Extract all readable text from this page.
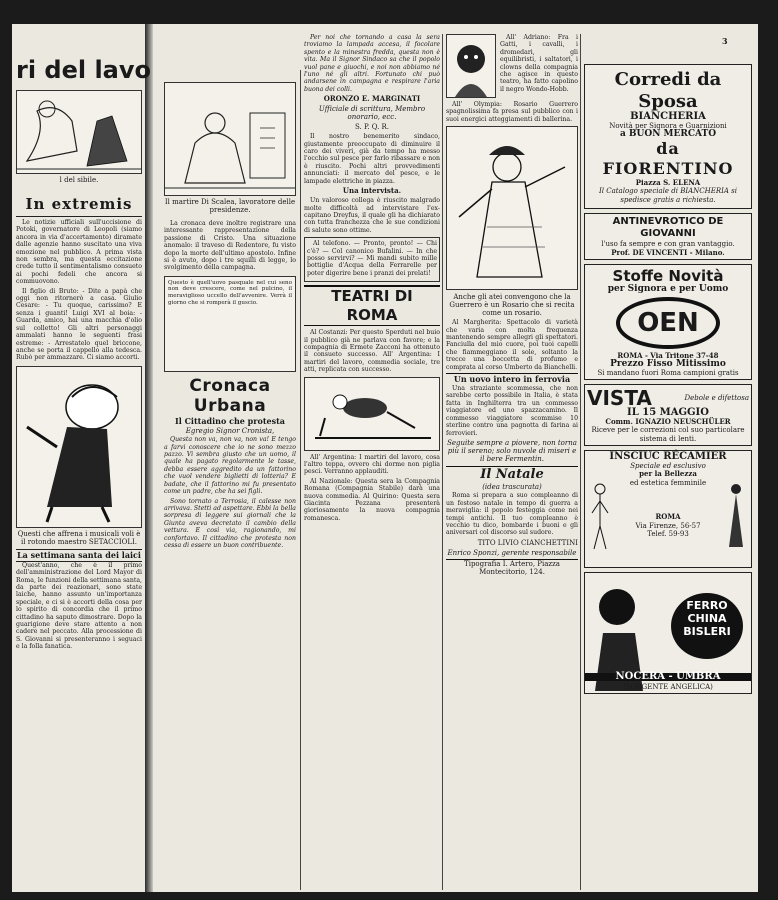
3
ri del lavo
l del sibile.
In extremis

Le notizie ufficiali sull'uccisione di Potoki, governatore di Leopoli (siamo ancora in via d'accertamento) diramate dalle agenzie hanno suscitato una viva emozione nel pubblico. A prima vista non sembra, ma questa eccitazione crede tutto il sentimentalismo consueto ai pochi fedeli che ancora si commuovono.

Il figlio di Bruto: - Dite a papà che oggi non ritornerò a casa. Giulio Cesare: - Tu quoque, carissimo? E senza i guanti! Luigi XVI al boia: - Guarda, amico, hai una macchia d'olio sul colletto! Gli altri personaggi ammalati hanno le seguenti frasi estreme: - Arrestatelo quel briccone, anche se porta il cappello alla tedesca. Rubò per ammazzare. Ci siamo accorti.

Questi che affrena i musicali voli è il rotondo maestro SETACCIOLI.
La settimana santa dei laici

Quest'anno, che è il primo dell'amministrazione del Lord Mayor di Roma, le funzioni della settimana santa, da parte dei reazionari, sono state laiche, hanno assunto un'importanza speciale, e ci si è accorti della cosa per lo spirito di concordia che il primo cittadino ha saputo dimostrare. Dopo la guarigione deve stare attento a non cadere nel peccato. Alla processione di S. Giovanni si presenteranno i seguaci e la folla fanatica.

Il martire Di Scalea, lavoratore delle presidenze.

La cronaca deve inoltre registrare una interessante rappresentazione della passione di Cristo. Una situazione anomalo: il traveso di Redentore, fu visto dopo la morte dell'ultimo apostolo. Infine si è avuto, dopo i tre squilli di legge, lo svolgimento della campagna.

Questo è quell'uovo pasquale nel cui seno non deve crescere, come nel pulcino, il meraviglioso uccello dell'avvenire. Verrà il giorno che si romperà il guscio.
Cronaca Urbana
Il Cittadino che protesta
Egregio Signor Cronista,

Questa non va, non va, non va! E tengo a farvi conoscere che io ne sono mezzo pazzo. Vi sembra giusto che un uomo, il quale ha pagato regolarmente le tasse, debba essere aggredito da un fattorino che vuol vendere biglietti di lotteria? E badate, che il fattorino mi fu presentato come un padre, che ha sei figli.

Sono tornato a Terrosia, il calesse non arrivava. Stetti ad aspettare. Ebbi la bella sorpresa di leggere sui giornali che la Giunta aveva decretato il cambio della vettura. E così via, ragionando, mi confortavo. Il cittadino che protesta non cessa di essere un buon contribuente.

Per noi che tornando a casa la sera troviamo la lampada accesa, il focolare spento e la minestra fredda, questa non è vita. Ma il Signor Sindaco sa che il popolo vuol pane e giuochi, e noi non abbiamo né l'uno né gli altri. Fortunato chi può andarsene in campagna e respirare l'aria buona dei colli.

ORONZO E. MARGINATI
Ufficiale di scrittura, Membro onorario, ecc.
S. P. Q. R.

Il nostro benemerito sindaco, giustamente preoccupato di diminuire il caro dei viveri, già da tempo ha messo l'occhio sul pesce per farlo ribassare e non è riuscito. Pochi altri provvedimenti annunciati: il mercato del pesce, e le lampade elettriche in piazza.

Una intervista.

Un valoroso collega è riuscito malgrado molte difficoltà ad intervistare l'ex-capitano Dreyfus, il quale gli ha dichiarato con tutta franchezza che le sue condizioni di salute sono ottime.

Al telefono. — Pronto, pronto! — Chi c'è? — Col canonico Bufalini. — In che posso servirvi? — Mi mandi subito mille bottiglie d'Acqua della Ferrarelle per poter digerire bene i pranzi dei prelati!

TEATRI DI ROMA

Al Costanzi: Per questo Sperduti nel buio il pubblico già ne parlava con favore; e la compagnia di Ermete Zacconi ha ottenuto il consueto successo. All' Argentina: I martiri del lavoro, commedia sociale, tre atti, replicata con successo.

All' Argentina: I martiri del lavoro, cosa l'altro teppa, ovvero chi dorme non piglia pesci. Verranno applauditi.

Al Nazionale: Questa sera la Compagnia Romana (Compagnia Stabile) darà una nuova commedia. Al Quirino: Questa sera Giacinta Pezzana presenterà gioriosamente la nuova compagnia romanesca.

All' Adriano: Fra i Gatti, i cavalli, i dromedari, gli equilibristi, i saltatori, i clowns della compagnia che agisce in questo teatro, ha fatto capolino il negro Wondo-Hobb.

All' Olympia: Rosario Guerrero spagnolissima fa presa sul pubblico con i suoi energici atteggiamenti di ballerina.

Anche gli atei convengono che la Guerrero è un Rosario che si recita come un rosario.

Al Margherita: Spettacolo di varietà che varia con molta frequenza mantenendo sempre allegri gli spettatori. Fanciulla del mio cuore, poi tuoi capelli che fiammeggiano il sole, soltanto la trecce una boccetta di profumo e comprata al corso Umberto da Bianchelli.

Un uovo intero in ferrovia

Una straziante scommessa, che non sarebbe certo possibile in Italia, è stata fatta in Inghilterra tra un commesso viaggiatore ed uno spazzacamino. Il commesso viaggiatore scommise 10 sterline contro una pagnotta di farina ai ferrovieri.

Seguite sempre a piovere, non torna più il sereno; solo nuvole di miseri e il bere Fermentin.
Il Natale
(idea trascurata)

Roma si prepara a suo compleanno di un festoso natale in tempo di guerra a meraviglia: il popolo festeggia come nei tempi antichi. Il tuo compleanno è vecchio tu dico, bombarde i buoni e gli aniversari col discorso sul sudore.

TITO LIVIO CIANCHETTINI
Enrico Sponzi, gerente responsabile
Tipografia I. Artero, Piazza Montecitorio, 124.
Corredi da Sposa
BIANCHERIA
Novità per Signora e Guarnizioni
a BUON MERCATO
da FIORENTINO
Piazza S. ELENA
Il Catalogo speciale di BIANCHERIA si spedisce gratis a richiesta.
ANTINEVROTICO DE GIOVANNI
l'uso fa sempre e con gran vantaggio.
Prof. DE VINCENTI - Milano.
Stoffe Novità
per Signora e per Uomo
OEN
ROMA - Via Tritone 37-48
Prezzo Fisso Mitissimo
Si mandano fuori Roma campioni gratis
VISTA	Debole e difettosa
IL 15 MAGGIO
Comm. IGNAZIO NEUSCHÜLER
Riceve per le correzioni col suo particolare sistema di lenti.
INSCIUC RÉCAMIER
Speciale ed esclusivo
per la Bellezza
ed estetica femminile
ROMA
Via Firenze, 56-57
Telef. 59-93
FERRO
CHINA
BISLERI
NOCERA - UMBRA
(SORGENTE ANGELICA)
